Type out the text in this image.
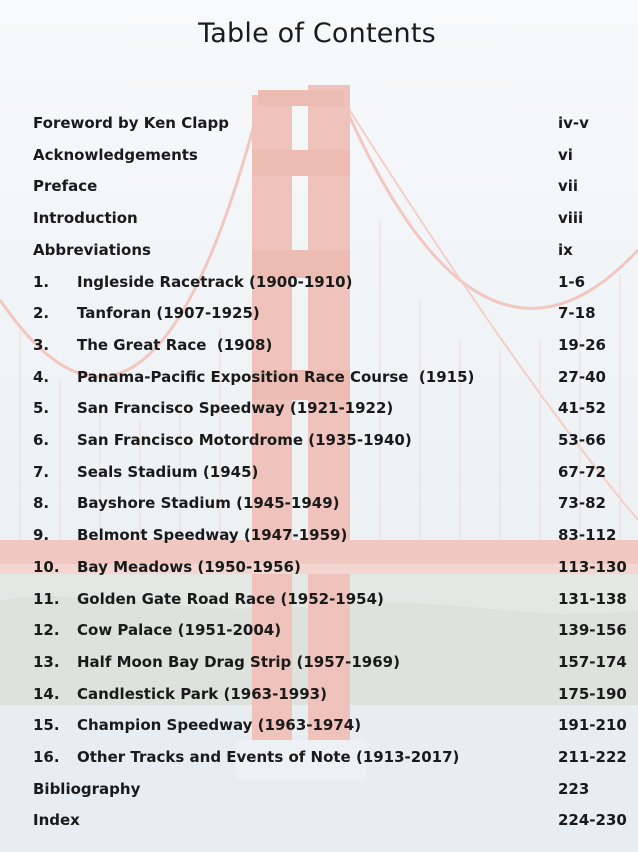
Table of Contents
Foreword by Ken Clapp	iv-v
Acknowledgements	vi
Preface	vii
Introduction	viii
Abbreviations	ix
1. Ingleside Racetrack (1900-1910)	1-6
2. Tanforan (1907-1925)	7-18
3. The Great Race  (1908)	19-26
4. Panama-Pacific Exposition Race Course  (1915)	27-40
5. San Francisco Speedway (1921-1922)	41-52
6. San Francisco Motordrome (1935-1940)	53-66
7. Seals Stadium (1945)	67-72
8. Bayshore Stadium (1945-1949)	73-82
9. Belmont Speedway (1947-1959)	83-112
10. Bay Meadows (1950-1956)	113-130
11. Golden Gate Road Race (1952-1954)	131-138
12. Cow Palace (1951-2004)	139-156
13. Half Moon Bay Drag Strip (1957-1969)	157-174
14. Candlestick Park (1963-1993)	175-190
15. Champion Speedway (1963-1974)	191-210
16. Other Tracks and Events of Note (1913-2017)	211-222
Bibliography	223
Index	224-230
